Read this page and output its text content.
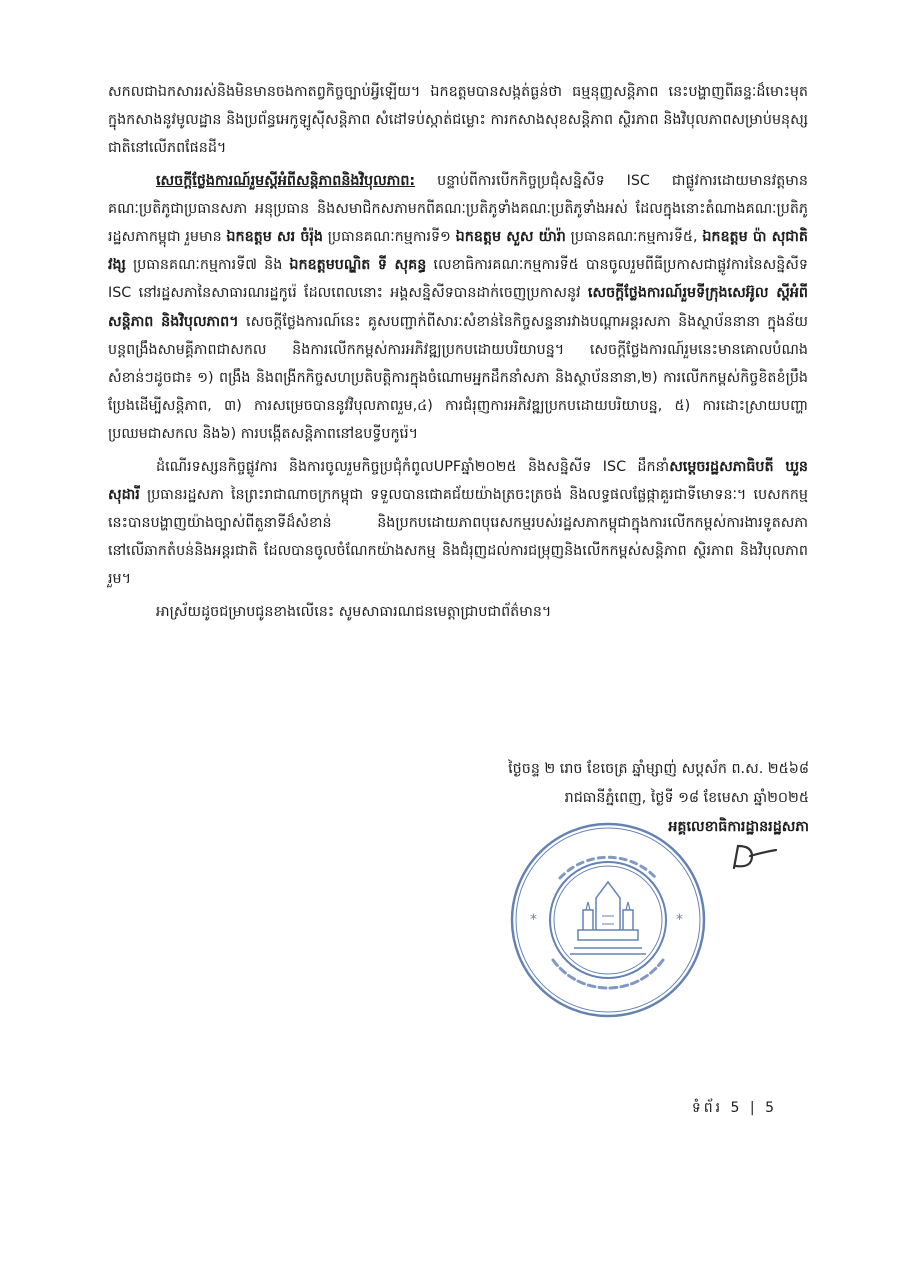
សកលជាឯកសាររស់និងមិនមានចងកាតព្វកិច្ចច្បាប់អ្វីឡើយ។ ឯកឧត្តមបានសង្កត់ធ្ងន់ថា ធម្មនុញ្ញសន្តិភាព នេះបង្ហាញពីឆន្ទៈដ៏មោះមុតក្នុងកសាងនូវមូលដ្ឋាន និងប្រព័ន្ធអេកូឡូស៊ីសន្តិភាព សំដៅទប់ស្កាត់ជម្លោះ ការកសាងសុខសន្តិភាព ស្ថិរភាព និងវិបុលភាពសម្រាប់មនុស្សជាតិនៅលើភពផែនដី។

សេចក្តីថ្លែងការណ៍រួមស្តីអំពីសន្តិភាពនិងវិបុលភាព: បន្ទាប់ពីការបើកកិច្ចប្រជុំសន្និសីទ ISC ជាផ្លូវការដោយមានវត្តមានគណៈប្រតិភូជាប្រធានសភា អនុប្រធាន និងសមាជិកសភាមកពីគណៈប្រតិភូទាំងគណៈប្រតិភូទាំងអស់ ដែលក្នុងនោះតំណាងគណៈប្រតិភូរដ្ឋសភាកម្ពុជា រួមមាន ឯកឧត្តម សរ ចំរ៉ុង ប្រធានគណៈកម្មការទី១ ឯកឧត្តម សួស យ៉ារ៉ា ប្រធានគណៈកម្មការទី៥, ឯកឧត្តម ប៉ា សុជាតិវង្ស ប្រធានគណៈកម្មការទី៧ និង ឯកឧត្តមបណ្ឌិត ទី សុគន្ធ លេខាធិការគណៈកម្មការទី៥ បានចូលរួមពីធីប្រកាសជាផ្លូវការនៃសន្និសីទ ISC នៅរដ្ឋសភានៃសាធារណរដ្ឋកូរ៉េ ដែលពេលនោះ អង្គសន្និសីទបានដាក់ចេញប្រកាសនូវ សេចក្តីថ្លែងការណ៍រួមទីក្រុងសេអ៊ូល ស្តីអំពីសន្តិភាព និងវិបុលភាព។ សេចក្តីថ្លែងការណ៍នេះ គូសបញ្ជាក់ពីសារៈសំខាន់នៃកិច្ចសន្ទនារវាងបណ្តាអន្តរសភា និងស្ថាប័ននានា ក្នុងន័យបន្តពង្រឹងសាមគ្គីភាពជាសកល និងការលើកកម្ពស់ការអភិវឌ្ឍប្រកបដោយបរិយាបន្ន។ សេចក្តីថ្លែងការណ៍រួមនេះមានគោលបំណងសំខាន់ៗដូចជា៖ ១) ពង្រឹង និងពង្រីកកិច្ចសហប្រតិបត្តិការក្នុងចំណោមអ្នកដឹកនាំសភា និងស្ថាប័ននានា,២) ការលើកកម្ពស់កិច្ចខិតខំប្រឹងប្រែងដើម្បីសន្តិភាព, ៣) ការសម្រេចបាននូវវិបុលភាពរួម,៤) ការជំរុញការអភិវឌ្ឍប្រកបដោយបរិយាបន្ន, ៥) ការដោះស្រាយបញ្ហាប្រឈមជាសកល និង៦) ការបង្កើតសន្តិភាពនៅឧបទ្វីបកូរ៉េ។

ដំណើរទស្សនកិច្ចផ្លូវការ និងការចូលរួមកិច្ចប្រជុំកំពូលUPFឆ្នាំ២០២៥ និងសន្និសីទ ISC ដឹកនាំសម្តេចរដ្ឋសភាធិបតី ឃួន សុដារី ប្រធានរដ្ឋសភា នៃព្រះរាជាណាចក្រកម្ពុជា ទទួលបានជោគជ័យយ៉ាងត្រចះត្រចង់ និងលទ្ធផលផ្លែផ្កាគួរជាទីមោទនៈ។ បេសកកម្មនេះបានបង្ហាញយ៉ាងច្បាស់ពីតួនាទីដ៏សំខាន់ និងប្រកបដោយភាពបុរេសកម្មរបស់រដ្ឋសភាកម្ពុជាក្នុងការលើកកម្ពស់ការងារទូតសភានៅលើឆាកតំបន់និងអន្តរជាតិ ដែលបានចូលចំណែកយ៉ាងសកម្ម និងជំរុញដល់ការជម្រុញនិងលើកកម្ពស់សន្តិភាព ស្ថិរភាព និងវិបុលភាពរួម។

អាស្រ័យដូចជម្រាបជូនខាងលើនេះ សូមសាធារណជនមេត្តាជ្រាបជាព័ត៌មាន។

ថ្ងៃចន្ទ ២ រោច ខែចេត្រ ឆ្នាំម្សាញ់ សប្តស័ក ព.ស. ២៥៦៨
រាជធានីភ្នំពេញ, ថ្ងៃទី ១៨ ខែមេសា ឆ្នាំ២០២៥
អគ្គលេខាធិការដ្ឋានរដ្ឋសភា
*	*
ទំព័រ 5 | 5
